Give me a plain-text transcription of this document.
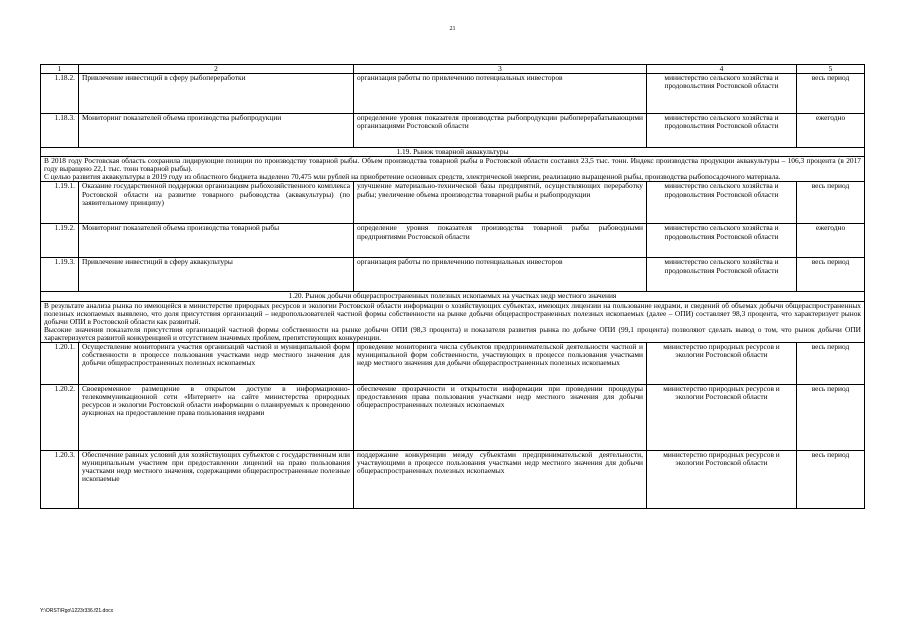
21
1	2	3	4	5
1.18.2.	Привлечение инвестиций в сферу рыбопереработки	организация работы по привлечению потенциальных инвесторов	министерство сельского хозяйства и продовольствия Ростовской области	весь период
1.18.3.	Мониторинг показателей объема производства рыбопродукции	определение уровня показателя производства рыбопродукции рыбоперерабатывающими организациями Ростовской области	министерство сельского хозяйства и продовольствия Ростовской области	ежегодно
1.19. Рынок товарной аквакультуры				

В 2018 году Ростовская область сохранила лидирующие позиции по производству товарной рыбы. Объем производства товарной рыбы в Ростовской области составил 23,5 тыс. тонн. Индекс производства продукции аквакультуры – 106,3 процента (в 2017 году выращено 22,1 тыс. тонн товарной рыбы).

С целью развития аквакультуры в 2019 году из областного бюджета выделено 70,475 млн рублей на приобретение основных средств, электрической энергии, реализацию выращенной рыбы, производства рыбопосадочного материала.				

1.19.1.	Оказание государственной поддержки организациям рыбохозяйственного комплекса Ростовской области на развитие товарного рыбоводства (аквакультуры) (по заявительному принципу)	улучшение материально-технической базы предприятий, осуществляющих переработку рыбы; увеличение объема производства товарной рыбы и рыбопродукции	министерство сельского хозяйства и продовольствия Ростовской области	весь период
1.19.2.	Мониторинг показателей объема производства товарной рыбы	определение уровня показателя производства товарной рыбы рыбоводными предприятиями Ростовской области	министерство сельского хозяйства и продовольствия Ростовской области	ежегодно
1.19.3.	Привлечение инвестиций в сферу аквакультуры	организация работы по привлечению потенциальных инвесторов	министерство сельского хозяйства и продовольствия Ростовской области	весь период
1.20. Рынок добычи общераспространенных полезных ископаемых на участках недр местного значения				

В результате анализа рынка по имеющейся в министерстве природных ресурсов и экологии Ростовской области информации о хозяйствующих субъектах, имеющих лицензии на пользование недрами, и сведений об объемах добычи общераспространенных полезных ископаемых выявлено, что доля присутствия организаций – недропользователей частной формы собственности на рынке добычи общераспространенных полезных ископаемых (далее – ОПИ) составляет 98,3 процента, что характеризует рынок добычи ОПИ в Ростовской области как развитый.

Высокие значения показателя присутствия организаций частной формы собственности на рынке добычи ОПИ (98,3 процента) и показателя развития рынка по добыче ОПИ (99,1 процента) позволяют сделать вывод о том, что рынок добычи ОПИ характеризуется развитой конкуренцией и отсутствием значимых проблем, препятствующих конкуренции.				

1.20.1.	Осуществление мониторинга участия организаций частной и муниципальной форм собственности в процессе пользования участками недр местного значения для добычи общераспространенных полезных ископаемых	проведение мониторинга числа субъектов предпринимательской деятельности частной и муниципальной форм собственности, участвующих в процессе пользования участками недр местного значения для добычи общераспространенных полезных ископаемых	министерство природных ресурсов и экологии Ростовской области	весь период
1.20.2.	Своевременное размещение в открытом доступе в информационно-телекоммуникационной сети «Интернет» на сайте министерства природных ресурсов и экологии Ростовской области информации о планируемых к проведению аукционах на предоставление права пользования недрами	обеспечение прозрачности и открытости информации при проведении процедуры предоставления права пользования участками недр местного значения для добычи общераспространенных полезных ископаемых	министерство природных ресурсов и экологии Ростовской области	весь период
1.20.3.	Обеспечение равных условий для хозяйствующих субъектов с государственным или муниципальным участием при предоставлении лицензий на право пользования участками недр местного значения, содержащими общераспространенные полезные ископаемые	поддержание конкуренции между субъектами предпринимательской деятельности, участвующими в процессе пользования участками недр местного значения для добычи общераспространенных полезных ископаемых	министерство природных ресурсов и экологии Ростовской области	весь период
Y:\ORST\Rgo\1223r336.f21.docx
